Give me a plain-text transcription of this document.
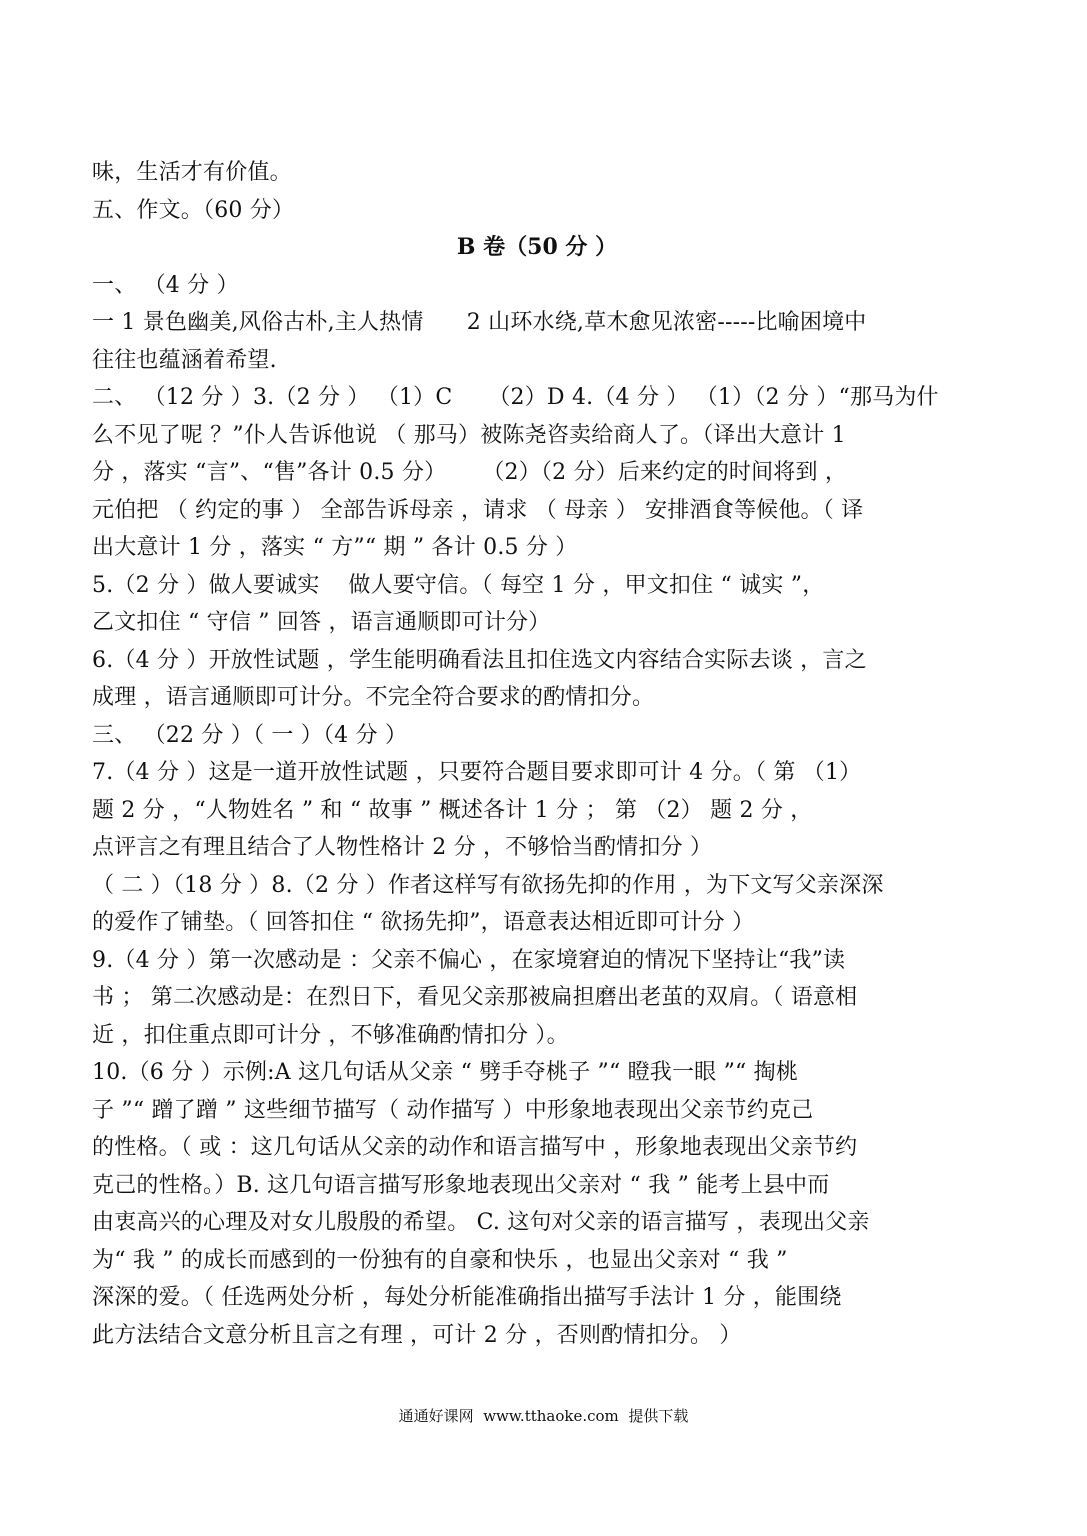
味，生活才有价值。
五、作文。（60 分）
B 卷（50 分 ）
一、 （4 分 ）
一 1 景色幽美,风俗古朴,主人热情      2 山环水绕,草木愈见浓密-----比喻困境中
往往也蕴涵着希望.
二、 （12 分 ）3.（2 分 ） （1）C     （2）D 4.（4 分 ） （1）（2 分 ）“那马为什
么不见了呢 ？”仆人告诉他说 （ 那马）被陈尧咨卖给商人了。（译出大意计 1
分 ，落实 “言”、“售”各计 0.5 分）     （2）（2 分）后来约定的时间将到 ，
元伯把 （ 约定的事 ） 全部告诉母亲 ，请求 （ 母亲 ） 安排酒食等候他。（ 译
出大意计 1 分 ，落实 “ 方”“ 期 ” 各计 0.5 分 ）
5.（2 分 ）做人要诚实    做人要守信。（ 每空 1 分 ，甲文扣住 “ 诚实 ”，
乙文扣住 “ 守信 ” 回答 ，语言通顺即可计分）
6.（4 分 ）开放性试题 ，学生能明确看法且扣住选文内容结合实际去谈 ，言之
成理 ，语言通顺即可计分。不完全符合要求的酌情扣分。
三、 （22 分 ）（ 一 ）（4 分 ）
7.（4 分 ）这是一道开放性试题 ，只要符合题目要求即可计 4 分。（ 第 （1）
题 2 分 ，“人物姓名 ” 和 “ 故事 ” 概述各计 1 分 ； 第 （2） 题 2 分 ，
点评言之有理且结合了人物性格计 2 分 ，不够恰当酌情扣分 ）
（ 二 ）（18 分 ）8.（2 分 ）作者这样写有欲扬先抑的作用 ，为下文写父亲深深
的爱作了铺垫。（ 回答扣住 “ 欲扬先抑”，语意表达相近即可计分 ）
9.（4 分 ）第一次感动是 ：父亲不偏心 ，在家境窘迫的情况下坚持让“我”读
书 ； 第二次感动是：在烈日下，看见父亲那被扁担磨出老茧的双肩。（ 语意相
近 ，扣住重点即可计分 ，不够准确酌情扣分 ）。
10.（6 分 ）示例:A 这几句话从父亲 “ 劈手夺桃子 ”“ 瞪我一眼 ”“ 掏桃
子 ”“ 蹭了蹭 ” 这些细节描写（ 动作描写 ）中形象地表现出父亲节约克己
的性格。（ 或 ：这几句话从父亲的动作和语言描写中 ，形象地表现出父亲节约
克己的性格。）B. 这几句语言描写形象地表现出父亲对 “ 我 ” 能考上县中而
由衷高兴的心理及对女儿殷殷的希望。 C. 这句对父亲的语言描写 ，表现出父亲
为“ 我 ” 的成长而感到的一份独有的自豪和快乐 ，也显出父亲对 “ 我 ”
深深的爱。（ 任选两处分析 ，每处分析能准确指出描写手法计 1 分 ，能围绕
此方法结合文意分析且言之有理 ，可计 2 分 ，否则酌情扣分。 ）
通通好课网  www.tthaoke.com  提供下载
